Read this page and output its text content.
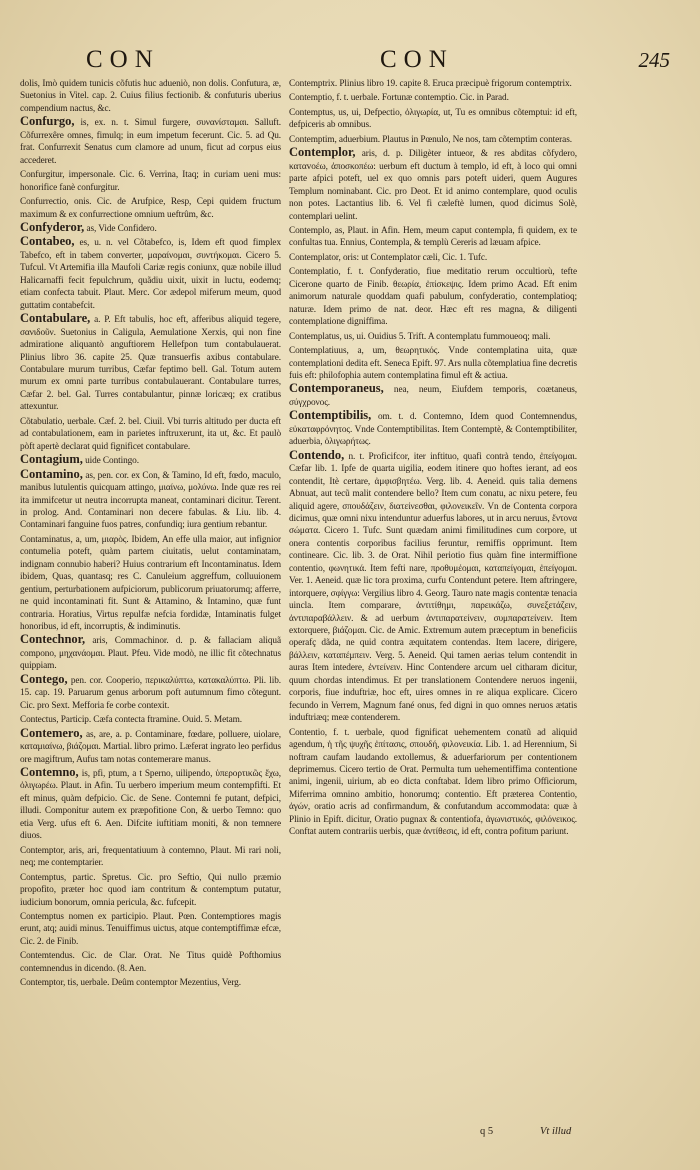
CON	CON	245

dolis, Imò quidem tunicis cõfutis huc adueniò, non dolis. Confutura, æ, Suetonius in Vitel. cap. 2. Cuius filius fectionib. & confuturis uberius compendium nactus, &c.

Confurgo, is, ex. n. t. Simul furgere, συνανίσταμαι. Salluft. Cõfurrexêre omnes, fimulq; in eum impetum fecerunt. Cic. 5. ad Qu. frat. Confurrexit Senatus cum clamore ad unum, ficut ad corpus eius accederet.

Confurgitur, impersonale. Cic. 6. Verrina, Itaq; in curiam ueni mus: honorifice fanè confurgitur.

Confurrectio, onis. Cic. de Arufpice, Resp, Cepi quidem fructum maximum & ex confurrectione omnium ueftrûm, &c.

Confyderor, as, Vide Confidero.

Contabeo, es, u. n. vel Cõtabefco, is, Idem eft quod fimplex Tabefco, eft in tabem converter, μαραίνομαι, συντήκομαι. Cicero 5. Tufcul. Vt Artemifia illa Maufoli Cariæ regis coniunx, quæ nobile illud Halicarnaffi fecit fepulchrum, quãdiu uixit, uixit in luctu, eodemq; etiam confecta tabuit. Plaut. Merc. Cor ædepol miferum meum, quod guttatim contabefcit.

Contabulare, a. P. Eft tabulis, hoc eft, afferibus aliquid tegere, σανιδοῦν. Suetonius in Caligula, Aemulatione Xerxis, qui non fine admiratione aliquantò anguftiorem Hellefpon tum contabulauerat. Plinius libro 36. capite 25. Quæ transuerfis axibus contabulare. Contabulare murum turribus, Cæfar feptimo bell. Gal. Totum autem murum ex omni parte turribus contabulauerant. Contabulare turres, Cæfar 2. bel. Gal. Turres contabulantur, pinnæ loricæq; ex cratibus attexuntur.

Cõtabulatio, uerbale. Cæf. 2. bel. Ciuil. Vbi turris altitudo per ducta eft ad contabulationem, eam in parietes inftruxerunt, ita ut, &c. Et paulò pòft apertè declarat quid fignificet contabulare.

Contagium, uide Contingo.

Contamino, as, pen. cor. ex Con, & Tamino, Id eft, fœdo, maculo, manibus lutulentis quicquam attingo, μιαίνω, μολύνω. Inde quæ res rei ita immifcetur ut neutra incorrupta maneat, contaminari dicitur. Terent. in prolog. And. Contaminari non decere fabulas. & Liu. lib. 4. Contaminari fanguine fuos patres, confundiq; iura gentium rebantur.

Contaminatus, a, um, μιαρὸς. Ibidem, An effe ulla maior, aut infignior contumelia poteft, quàm partem ciuitatis, uelut contaminatam, indignam connubio haberi? Huius contrarium eft Incontaminatus. Idem ibidem, Quas, quantasq; res C. Canuleium aggreffum, colluuionem gentium, perturbationem aufpiciorum, publicorum priuatorumq; afferre, ne quid incontaminati fit. Sunt & Attamino, & Intamino, quæ funt contraria. Horatius, Virtus repulfæ nefcia fordidæ, Intaminatis fulget honoribus, id eft, incorruptis, & indiminutis.

Contechnor, aris, Commachinor. d. p. & fallaciam aliquã compono, μηχανάομαι. Plaut. Pfeu. Vide modò, ne illic fit cõtechnatus quippiam.

Contego, pen. cor. Cooperio, περικαλύπτω, κατακαλύπτω. Pli. lib. 15. cap. 19. Paruarum genus arborum poft autumnum fimo cõtegunt. Cic. pro Sext. Mefforia fe corbe contexit.

Contectus, Particip. Cæfa contecta ftramine. Ouid. 5. Metam.

Contemero, as, are, a. p. Contaminare, fœdare, polluere, uiolare, καταμιαίνω, βιάζομαι. Martial. libro primo. Læferat ingrato leo perfidus ore magiftrum, Aufus tam notas contemerare manus.

Contemno, is, pfi, ptum, a t Sperno, uilipendo, ὑπερορτικῶς ἔχω, ὀλιγωρέω. Plaut. in Afin. Tu uerbero imperium meum contempfifti. Et eft minus, quàm defpicio. Cic. de Sene. Contemni fe putant, defpici, illudi. Componitur autem ex præpofitione Con, & uerbo Temno: quo etia Verg. ufus eft 6. Aen. Difcite iuftitiam moniti, & non temnere diuos.

Contemptor, aris, ari, frequentatiuum à contemno, Plaut. Mi rari noli, neq; me contemptarier.

Contemptus, partic. Spretus. Cic. pro Seftio, Qui nullo præmio propofito, præter hoc quod iam contritum & contemptum putatur, iudicium bonorum, omnia pericula, &c. fufcepit.

Contemptus nomen ex participio. Plaut. Pœn. Contemptiores magis erunt, atq; auidi minus. Tenuiffimus uictus, atque contemptiffimæ efcæ, Cic. 2. de Finib.

Contemtendus. Cic. de Clar. Orat. Ne Titus quidè Pofthomius contemnendus in dicendo. (8. Aen.

Contemptor, tis, uerbale. Deûm contemptor Mezentius, Verg.

Contemptrix. Plinius libro 19. capite 8. Eruca præcipuè frigorum contemptrix.

Contemptio, f. t. uerbale. Fortunæ contemptio. Cic. in Parad.

Contemptus, us, ui, Defpectio, ὀλιγωρία, ut, Tu es omnibus cõtemptui: id eft, defpiceris ab omnibus.

Contemptim, aduerbium. Plautus in Pœnulo, Ne nos, tam cõtemptim conteras.

Contemplor, aris, d. p. Diligèter intueor, & res abditas cõfydero, καταvοέω, ἀποσκοπέω: uerbum eft ductum à templo, id eft, à loco qui omni parte afpici poteft, uel ex quo omnis pars poteft uideri, quem Augures Templum nominabant. Cic. pro Deot. Et id animo contemplare, quod oculis non potes. Lactantius lib. 6. Vel fi cæleftè lumen, quod dicimus Solè, contemplari uelint.

Contemplo, as, Plaut. in Afin. Hem, meum caput contempla, fi quidem, ex te confultas tua. Ennius, Contempla, & templù Cereris ad læuam afpice.

Contemplator, oris: ut Contemplator cæli, Cic. 1. Tufc.

Contemplatio, f. t. Confyderatio, fiue meditatio rerum occultiorù, tefte Cicerone quarto de Finib. θεωρία, ἐπίσκεψις. Idem primo Acad. Eft enim animorum naturale quoddam quafi pabulum, confyderatio, contemplatioq; naturæ. Idem primo de nat. deor. Hæc eft res magna, & diligenti contemplatione digniffima.

Contemplatus, us, ui. Ouidius 5. Trift. A contemplatu fummoueoq; mali.

Contemplatiuus, a, um, θεωρητικός. Vnde contemplatina uita, quæ contemplationi dedita eft. Seneca Epift. 97. Ars nulla cõtemplatiua fine decretis fuis eft: philofophia autem contemplatina fimul eft & actiua.

Contemporaneus, nea, neum, Eiufdem temporis, coætaneus, σύγχρονος.

Contemptibilis, om. t. d. Contemno, Idem quod Contemnendus, εὐκαταφρόνητος. Vnde Contemptibilitas. Item Contemptè, & Contemptibiliter, aduerbia, ὀλιγωρήτως.

Contendo, n. t. Proficifcor, iter inftituo, quafi contrà tendo, ἐπείγομαι. Cæfar lib. 1. Ipfe de quarta uigilia, eodem itinere quo hoftes ierant, ad eos contendit, Itè certare, ἀμφισβητέω. Verg. lib. 4. Aeneid. quis talia demens Abnuat, aut tecũ malit contendere bello? Item cum conatu, ac nixu petere, feu aliquid agere, σπουδάζειν, διατείνεσθαι, φιλονεικεῖν. Vn de Contenta corpora dicimus, quæ omni nixu intenduntur aduerfus labores, ut in arcu neruus, ἔντονα σώματα. Cicero 1. Tufc. Sunt quædam animi fimilitudines cum corpore, ut onera contentis corporibus facilius feruntur, remiffis opprimunt. Item contineare. Cic. lib. 3. de Orat. Nihil periotio fius quàm fine intermiffione contentio, φωνητικά. Item fefti nare, προθυμέομαι, καταπείγομαι, ἐπείγομαι. Ver. 1. Aeneid. quæ lic tora proxima, curfu Contendunt petere. Item aftringere, intorquere, σφίγγω: Vergilius libro 4. Georg. Tauro nate magis contentæ tenacia uincla. Item comparare, ἀντιτίθημι, παρεικάζω, συνεξετάζειν, ἀντιπαραβάλλειν. & ad uerbum ἀντιπαρατείνειν, συμπαρατείνειν. Item extorquere, βιάζομαι. Cic. de Amic. Extremum autem præceptum in beneficiis operafç dãda, ne quid contra æquitatem contendas. Item lacere, dirigere, βάλλειν, καταπέμπειν. Verg. 5. Aeneid. Qui tamen aerias telum contendit in auras Item intedere, ἐντείνειν. Hinc Contendere arcum uel citharam dicitur, quum chordas intendimus. Et per translationem Contendere neruos ingenii, corporis, fiue induftriæ, hoc eft, uires omnes in re aliqua explicare. Cicero fecundo in Verrem, Magnum fané onus, fed digni in quo omnes neruos ætatis induftriæq; meæ contenderem.

Contentio, f. t. uerbale, quod fignificat uehementem conatũ ad aliquid agendum, ἡ τῆς ψυχῆς ἐπίτασις, σπουδή, φιλονεικία. Lib. 1. ad Herennium, Si noftram caufam laudando extollemus, & aduerfariorum per contentionem deprimemus. Cicero tertio de Orat. Permulta tum uehementiffima contentione animi, ingenii, uirium, ab eo dicta conftabat. Idem libro primo Officiorum, Miferrima omnino ambitio, honorumq; contentio. Eft præterea Contentio, ἀγών, oratio acris ad confirmandum, & confutandum accommodata: quæ à Plinio in Epift. dicitur, Oratio pugnax & contentiofa, ἀγωνιστικός, φιλόνεικος. Conftat autem contrariis uerbis, quæ ἀντίθεσις, id eft, contra pofitum pariunt.

q 5	Vt illud
